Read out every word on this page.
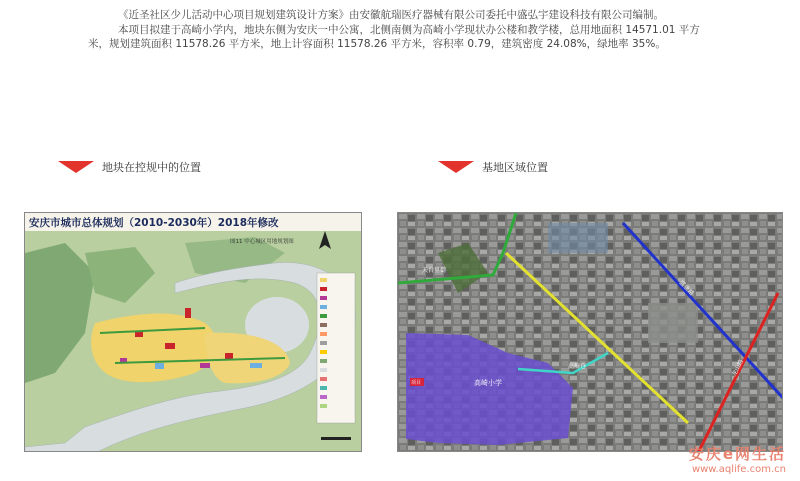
《近圣社区少儿活动中心项目规划建筑设计方案》由安徽航瑞医疗器械有限公司委托中盛弘宇建设科技有限公司编制。

本项目拟建于高崎小学内，地块东侧为安庆一中公寓，北侧南侧为高崎小学现状办公楼和教学楼，总用地面积 14571.01 平方米，规划建筑面积 11578.26 平方米，地上计容面积 11578.26 平方米，容积率 0.79，建筑密度 24.08%，绿地率 35%。

地块在控规中的位置	基地区域位置
安庆市城市总体规划（2010-2030年）2018年修改
图11 中心城区用地规划图
天台里街
盛唐路
龙山路
高崎巷
高崎小学
项目
安庆e网生活
www.aqlife.com.cn
